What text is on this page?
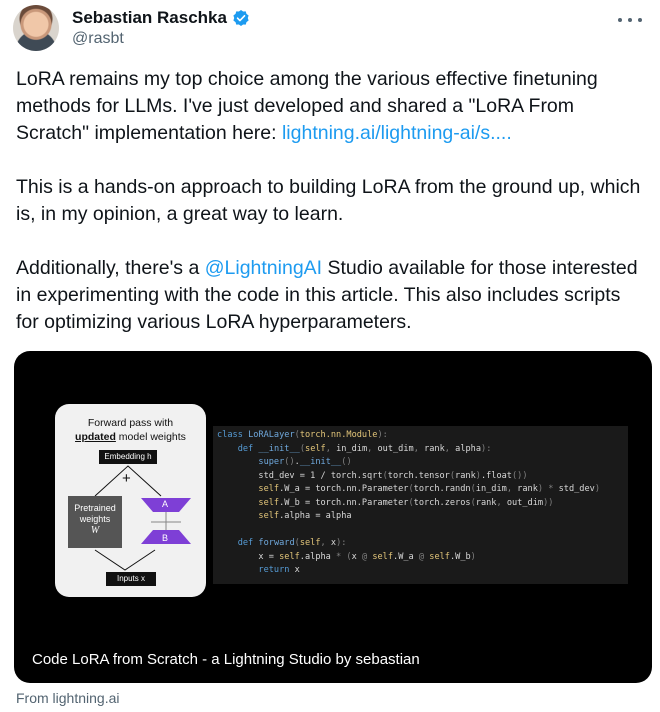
Sebastian Raschka
@rasbt
LoRA remains my top choice among the various effective finetuning methods for LLMs. I've just developed and shared a "LoRA From Scratch" implementation here: lightning.ai/lightning-ai/s....
This is a hands-on approach to building LoRA from the ground up, which is, in my opinion, a great way to learn.
Additionally, there's a @LightningAI Studio available for those interested in experimenting with the code in this article. This also includes scripts for optimizing various LoRA hyperparameters.
Forward pass with
updated model weights
Embedding h
+
Pretrained
weights
W
A
B
Inputs x
class LoRALayer(torch.nn.Module):
def __init__(self, in_dim, out_dim, rank, alpha):
super().__init__()
std_dev = 1 / torch.sqrt(torch.tensor(rank).float())
self.W_a = torch.nn.Parameter(torch.randn(in_dim, rank) * std_dev)
self.W_b = torch.nn.Parameter(torch.zeros(rank, out_dim))
self.alpha = alpha

def forward(self, x):
x = self.alpha * (x @ self.W_a @ self.W_b)
return x
Code LoRA from Scratch - a Lightning Studio by sebastian
From lightning.ai
